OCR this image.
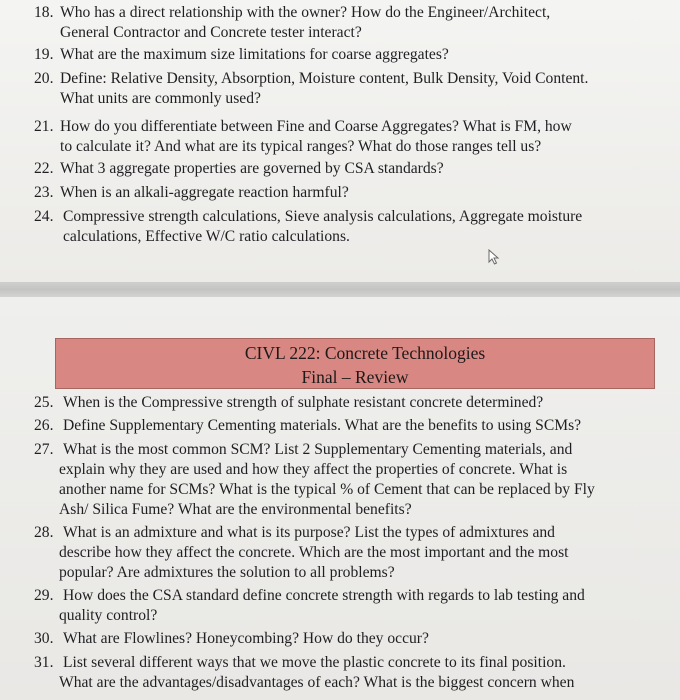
18. Who has a direct relationship with the owner? How do the Engineer/Architect,
General Contractor and Concrete tester interact?
19. What are the maximum size limitations for coarse aggregates?
20. Define: Relative Density, Absorption, Moisture content, Bulk Density, Void Content.
What units are commonly used?
21. How do you differentiate between Fine and Coarse Aggregates? What is FM, how
to calculate it? And what are its typical ranges? What do those ranges tell us?
22. What 3 aggregate properties are governed by CSA standards?
23. When is an alkali-aggregate reaction harmful?
24. Compressive strength calculations, Sieve analysis calculations, Aggregate moisture
calculations, Effective W/C ratio calculations.
CIVL 222: Concrete Technologies
Final – Review
25. When is the Compressive strength of sulphate resistant concrete determined?
26. Define Supplementary Cementing materials. What are the benefits to using SCMs?
27. What is the most common SCM? List 2 Supplementary Cementing materials, and
explain why they are used and how they affect the properties of concrete. What is
another name for SCMs? What is the typical % of Cement that can be replaced by Fly
Ash/ Silica Fume? What are the environmental benefits?
28. What is an admixture and what is its purpose? List the types of admixtures and
describe how they affect the concrete. Which are the most important and the most
popular? Are admixtures the solution to all problems?
29. How does the CSA standard define concrete strength with regards to lab testing and
quality control?
30. What are Flowlines? Honeycombing? How do they occur?
31. List several different ways that we move the plastic concrete to its final position.
What are the advantages/disadvantages of each? What is the biggest concern when
